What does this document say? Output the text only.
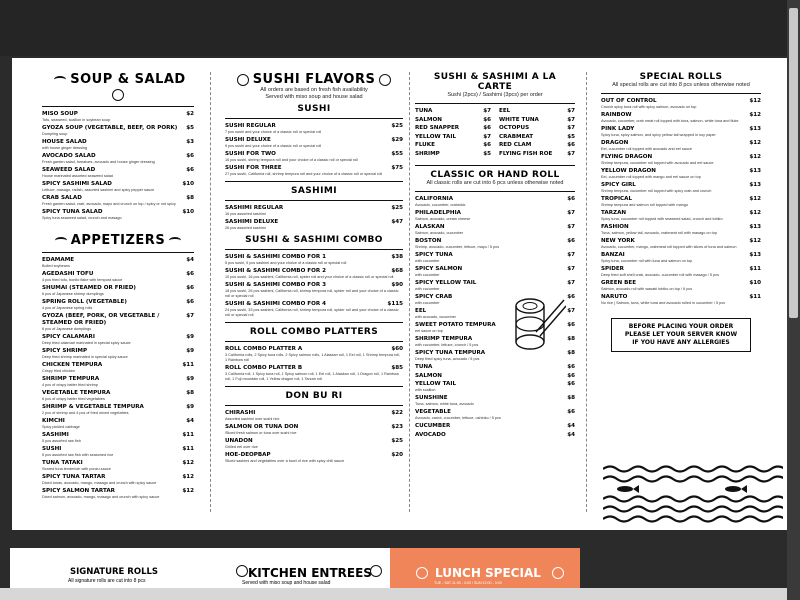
SOUP & SALAD
MISO SOUP	$2
Tofu, seaweed, scallion in soybean soup
GYOZA SOUP (VEGETABLE, BEEF, OR PORK) $5
Dumpling soup
HOUSE SALAD	$3
with house ginger dressing
AVOCADO SALAD	$6
Fresh garden salad, tomatoes, avocado and house ginger dressing
SEAWEED SALAD	$6
House marinated assorted seaweed salad
SPICY SASHIMI SALAD	$10
Lettuce, masago, radish, assorted sashimi and spicy pepper sauce
CRAB SALAD	$8
Fresh garden salad, crab, avocado, mayo and crunch on top / spicy or not spicy
SPICY TUNA SALAD	$10
Spicy tuna seaweed salad, crunch and masago
APPETIZERS
EDAMAME	$4
Boiled soybeans
AGEDASHI TOFU	$6
4 pcs fried tofu, bonito flake with tempura sauce
SHUMAI (STEAMED OR FRIED)	$6
6 pcs of Japanese shrimp dumplings
SPRING ROLL (VEGETABLE)	$6
4 pcs of Japanese spring rolls
GYOZA (BEEF, PORK, OR VEGETABLE / STEAMED OR FRIED)
$7
6 pcs of Japanese dumplings
SPICY CALAMARI	$9
Deep fried calamari marinated in special spicy sauce
SPICY SHRIMP	$9
Deep fried shrimp marinated in special spicy sauce
CHICKEN TEMPURA	$11
Crispy fried chicken
SHRIMP TEMPURA	$9
4 pcs of crispy batter fried shrimp
VEGETABLE TEMPURA	$8
6 pcs of crispy batter fried vegetables
SHRIMP & VEGETABLE TEMPURA	$9
2 pcs of shrimp and 4 pcs of fried mixed vegetables
KIMCHI	$4
Spicy pickled cabbage
SASHIMI	$11
5 pcs assorted raw fish
SUSHI	$11
5 pcs assorted raw fish with seasoned rice
TUNA TATAKI	$12
Seared tuna tenderloin with ponzu sauce
SPICY TUNA TARTAR	$12
Diced tunas, avocado, mango, masago and crunch with spicy sauce
SPICY SALMON TARTAR	$12
Diced salmon, avocado, mango, masago and crunch with spicy sauce
SUSHI FLAVORS
All orders are based on fresh fish availability
Served with miso soup and house salad
SUSHI
SUSHI REGULAR	$25
7 pcs sushi and your choice of a classic roll or special roll
SUSHI DELUXE	$29
9 pcs sushi and your choice of a classic roll or special roll
SUSHI FOR TWO	$55
16 pcs sushi, shrimp tempura roll and your choice of a classic roll or special roll
SUSHI FOR THREE	$75
27 pcs sushi, California roll, shrimp tempura roll and your choice of a classic roll or special roll
SASHIMI
SASHIMI REGULAR	$25
16 pcs assorted sashimi
SASHIMI DELUXE	$47
26 pcs assorted sashimi
SUSHI & SASHIMI COMBO
SUSHI & SASHIMI COMBO FOR 1	$38
5 pcs sushi, 9 pcs sashimi and your choice of a classic roll or special roll
SUSHI & SASHIMI COMBO FOR 2	$68
10 pcs sushi, 16 pcs sashimi, California roll, spider roll and your choice of a classic roll or special roll
SUSHI & SASHIMI COMBO FOR 3	$90
18 pcs sushi, 26 pcs sashimi, California roll, shrimp tempura roll, spider roll and your choice of a classic roll or special roll
SUSHI & SASHIMI COMBO FOR 4	$115
24 pcs sushi, 33 pcs sashimi, California roll, shrimp tempura roll, spider roll and your choice of a classic roll or special roll
ROLL COMBO PLATTERS
ROLL COMBO PLATTER A	$60
3 California rolls, 2 Spicy tuna rolls, 2 Spicy salmon rolls, 1 Alaskan roll, 1 Eel roll, 1 Shrimp tempura roll, 1 Rainbow roll
ROLL COMBO PLATTER B	$85
3 California roll, 1 Spicy tuna roll, 1 Spicy salmon roll, 1 Eel roll, 1 Alaskan roll, 1 Dragon roll, 1 Rainbow roll, 1 Fuji mountain roll, 1 Yellow dragon roll, 1 Tarzan roll
DON BU RI
CHIRASHI	$22
Assorted sashimi over sushi rice
SALMON OR TUNA DON	$23
Sliced fresh salmon or tuna over sushi rice
UNADON	$25
Grilled eel over rice
HOE-DEOPBAP	$20
Sliced sashimi and vegetables over a bowl of rice with spicy chili sauce
SUSHI & SASHIMI A LA CARTE
Sushi (2pcs) / Sashimi (3pcs) per order
TUNA	$7
SALMON	$6
RED SNAPPER	$6
YELLOW TAIL	$7
FLUKE	$6
SHRIMP	$5
EEL	$7
WHITE TUNA	$7
OCTOPUS	$7
CRABMEAT	$5
RED CLAM	$6
FLYING FISH ROE	$7
CLASSIC OR HAND ROLL
All classic rolls are cut into 6 pcs unless otherwise noted
CALIFORNIA	$6
Avocado, cucumber, crabstick
PHILADELPHIA	$7
Salmon, avocado, cream cheese
ALASKAN	$7
Salmon, avocado, cucumber
BOSTON	$6
Shrimp, avocado, cucumber, lettuce, mayo / 5 pcs
SPICY TUNA	$7
with cucumber
SPICY SALMON	$7
with cucumber
SPICY YELLOW TAIL	$7
with cucumber
SPICY CRAB	$6
with cucumber
EEL	$7
with avocado, cucumber
SWEET POTATO TEMPURA	$6
eel sauce on top
SHRIMP TEMPURA	$8
with cucumber, lettuce, crunch / 5 pcs
SPICY TUNA TEMPURA	$8
Deep fried spicy tuna, avocado / 5 pcs
TUNA	$6
SALMON	$6
YELLOW TAIL	$6
with scallion
SUNSHINE	$8
Tuna, salmon, white tuna, avocado
VEGETABLE	$6
Avocado, carrot, cucumber, lettuce, oshinko / 5 pcs
CUCUMBER	$4
AVOCADO	$4
SPECIAL ROLLS
All special rolls are cut into 8 pcs unless otherwise noted
OUT OF CONTROL	$12
Crunch spicy tuna roll with spicy salmon, avocado on top
RAINBOW	$12
Avocado, cucumber, crab meat roll topped with tuna, salmon, white tuna and fluke
PINK LADY	$13
Spicy tuna, spicy salmon, and spicy yellow tail wrapped in soy paper
DRAGON	$12
Eel, cucumber roll topped with avocado and eel sauce
FLYING DRAGON	$12
Shrimp tempura, cucumber roll topped with avocado and eel sauce
YELLOW DRAGON	$13
Eel, cucumber roll topped with mango and eel sauce on top
SPICY GIRL	$13
Shrimp tempura, cucumber roll topped with spicy crab and crunch
TROPICAL	$12
Shrimp tempura and salmon roll topped with mango
TARZAN	$12
Spicy tuna, cucumber roll topped with seaweed salad, crunch and tobiko
FASHION	$13
Tuna, salmon, yellow tail, avocado, crabmeat roll with masago on top
NEW YORK	$12
Avocado, cucumber, mango, crabmeat roll topped with slices of tuna and salmon
BANZAI	$13
Spicy tuna, cucumber roll with tuna and salmon on top
SPIDER	$11
Deep fried soft shell crab, avocado, cucumber roll with masago / 5 pcs
GREEN BEE	$10
Salmon, avocado roll with wasabi tobiko on top / 6 pcs
NARUTO	$11
No rice | Salmon, tuna, white tuna and avocado rolled in cucumber / 5 pcs
BEFORE PLACING YOUR ORDER
PLEASE LET YOUR SERVER KNOW
IF YOU HAVE ANY ALLERGIES
SIGNATURE ROLLS
All signature rolls are cut into 8 pcs
KITCHEN ENTREES
Served with miso soup and house salad
LUNCH SPECIAL
TUE - SAT 11:30 - 3:00 / SUN 12:00 - 3:00
